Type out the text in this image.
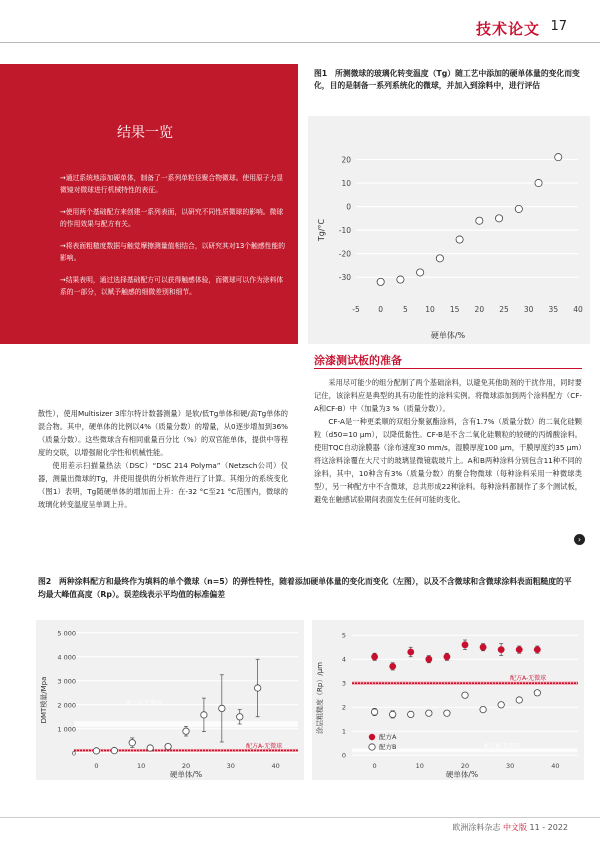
技术论文 17
结果一览

→通过系统地添加硬单体，制备了一系列单粒径聚合物微球。使用原子力显微镜对微球进行机械特性的表征。

→使用两个基础配方来创建一系列表面，以研究不同性质微球的影响。微球的作用效果与配方有关。

→将表面粗糙度数据与触觉摩擦测量值相结合，以研究其对13个触感性能的影响。

→结果表明，通过选择基础配方可以获得触感体验，而微球可以作为涂料体系的一部分，以赋予触感的细微差别和细节。

图1　所测微球的玻璃化转变温度（Tg）随工艺中添加的硬单体量的变化而变化，目的是制备一系列系统化的微球，并加入到涂料中，进行评估
20
10
0
-10
-20
-30
-5 0	5 10 15 20 25 30 35 40
Tg/°C
硬单体/%
涂漆测试板的准备

采用尽可能少的组分配制了两个基础涂料，以避免其他助剂的干扰作用，同时要记住，该涂料应是典型的具有功能性的涂料实例。将微球添加到两个涂料配方（CF-A和CF-B）中（加量为3 %（质量分数））。

CF-A是一种更柔顺的双组分聚氨酯涂料，含有1.7%（质量分数）的二氧化硅颗粒（d50=10 μm），以降低黏性。CF-B是不含二氧化硅颗粒的较硬的丙烯酸涂料。使用TQC自动涂膜器（涂布速度30 mm/s，湿膜厚度100 μm，干膜厚度约35 μm）将这涂料涂覆在大尺寸的玻璃显微镜载玻片上。A和B两种涂料分别包含11种不同的涂料，其中，10种含有3%（质量分数）的聚合物微球（每种涂料采用一种微球类型），另一种配方中不含微球，总共形成22种涂料。每种涂料都制作了多个测试板，避免在触感试验期间表面发生任何可能的变化。

›

散性），使用Multisizer 3库尔特计数器测量）是软/低Tg单体和硬/高Tg单体的混合物。其中，硬单体的比例以4%（质量分数）的增量，从0逐步增加到36%（质量分数）。这些微球含有相同重量百分比（%）的双官能单体，提供中等程度的交联，以增强耐化学性和机械性能。

使用差示扫描量热法（DSC）“DSC 214 Polyma”（Netzsch公司）仪器，测量出微球的Tg，并使用提供的分析软件进行了计算。其细分的系统变化（图1）表明，Tg随硬单体的增加而上升：在-32 °C至21 °C范围内，微球的玻璃化转变温度呈单调上升。

图2　两种涂料配方和最终作为填料的单个微球（n=5）的弹性特性，随着添加硬单体量的变化而变化（左图），以及不含微球和含微球涂料表面粗糙度的平均最大峰值高度（Rp）。误差线表示平均值的标准偏差
5 000
4 000
3 000
2 000
1 000
0
0	10	20	30	40
配方B-无微球
配方A-无微球
DMT模量/Mpa
硬单体/%
5
4
3
2
1
0
0	10	20	30	40
配方A-无微球
配方B-无微球
配方A
配方B
涂层粗糙度（Rp）/μm
硬单体/%
欧洲涂料杂志 中文版 11 - 2022
